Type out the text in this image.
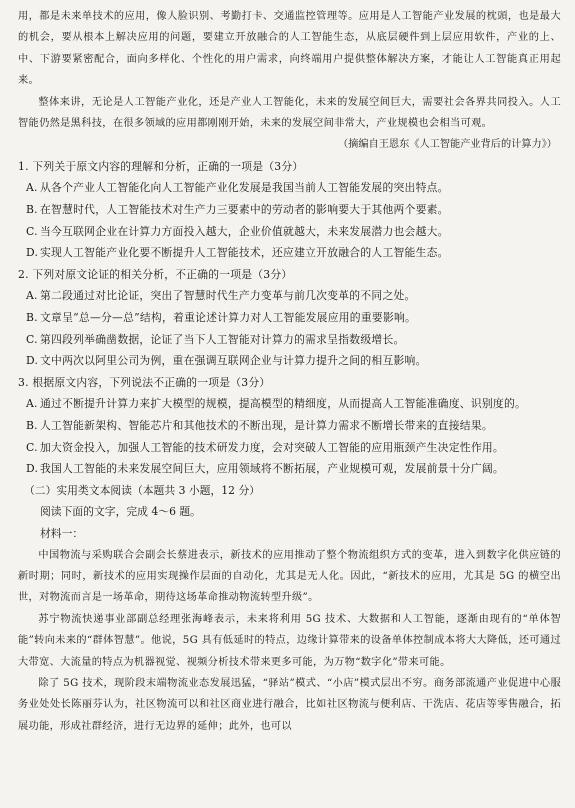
用，都是未来单技术的应用，像人脸识别、考勤打卡、交通监控管理等。应用是人工智能产业发展的枕頭，也是最大的机会，要从根本上解决应用的问题，要建立开放融合的人工智能生态，从底层硬件到上层应用软件，产业的上、中、下游要紧密配合，面向多样化、个性化的用户需求，向终端用户提供整体解决方案，才能让人工智能真正用起来。

整体来讲，无论是人工智能产业化，还是产业人工智能化，未来的发展空间巨大，需要社会各界共同投入。人工智能仍然是黑科技，在很多领域的应用都刚刚开始，未来的发展空间非常大，产业规模也会相当可观。

（摘编自王恩东《人工智能产业背后的计算力》）

1. 下列关于原文内容的理解和分析，正确的一项是（3分）

A. 从各个产业人工智能化向人工智能产业化发展是我国当前人工智能发展的突出特点。

B. 在智慧时代，人工智能技术对生产力三要素中的劳动者的影响要大于其他两个要素。

C. 当今互联网企业在计算力方面投入越大，企业价值就越大，未来发展潜力也会越大。

D. 实现人工智能产业化要不断提升人工智能技术，还应建立开放融合的人工智能生态。

2. 下列对原文论证的相关分析，不正确的一项是（3分）

A. 第二段通过对比论证，突出了智慧时代生产力变革与前几次变革的不同之处。

B. 文章呈“总—分—总”结构，着重论述计算力对人工智能发展应用的重要影响。

C. 第四段列举确凿数据，论证了当下人工智能对计算力的需求呈指数级增长。

D. 文中两次以阿里公司为例，重在强调互联网企业与计算力提升之间的相互影响。

3. 根据原文内容，下列说法不正确的一项是（3分）

A. 通过不断提升计算力来扩大模型的规模，提高模型的精细度，从而提高人工智能准确度、识别度的。

B. 人工智能新架构、智能芯片和其他技术的不断出现，是计算力需求不断增长带来的直接结果。

C. 加大资金投入，加强人工智能的技术研发力度，会对突破人工智能的应用瓶颈产生决定性作用。

D. 我国人工智能的未来发展空间巨大，应用领域将不断拓展，产业规模可观，发展前景十分广阔。

（二）实用类文本阅读（本题共 3 小题，12 分）

阅读下面的文字，完成 4～6 题。

材料一：

中国物流与采购联合会副会长蔡进表示，新技术的应用推动了整个物流组织方式的变革，进入到数字化供应链的新时期；同时，新技术的应用实现操作层面的自动化，尤其是无人化。因此，“新技术的应用，尤其是 5G 的横空出世，对物流而言是一场革命，期待这场革命推动物流转型升级”。

苏宁物流快递事业部副总经理张海峰表示，未来将利用 5G 技术、大数据和人工智能，逐渐由现有的“单体智能”转向未来的“群体智慧”。他说，5G 具有低延时的特点，边缘计算带来的设备单体控制成本将大大降低，还可通过大带宽、大流量的特点为机器视觉、视频分析技术带来更多可能，为万物“数字化”带来可能。

除了 5G 技术，现阶段末端物流业态发展迅猛，“驿站”模式、“小店”模式层出不穷。商务部流通产业促进中心服务业处处长陈丽芬认为，社区物流可以和社区商业进行融合，比如社区物流与便利店、干洗店、花店等零售融合，拓展功能，形成社群经济，进行无边界的延伸；此外，也可以
